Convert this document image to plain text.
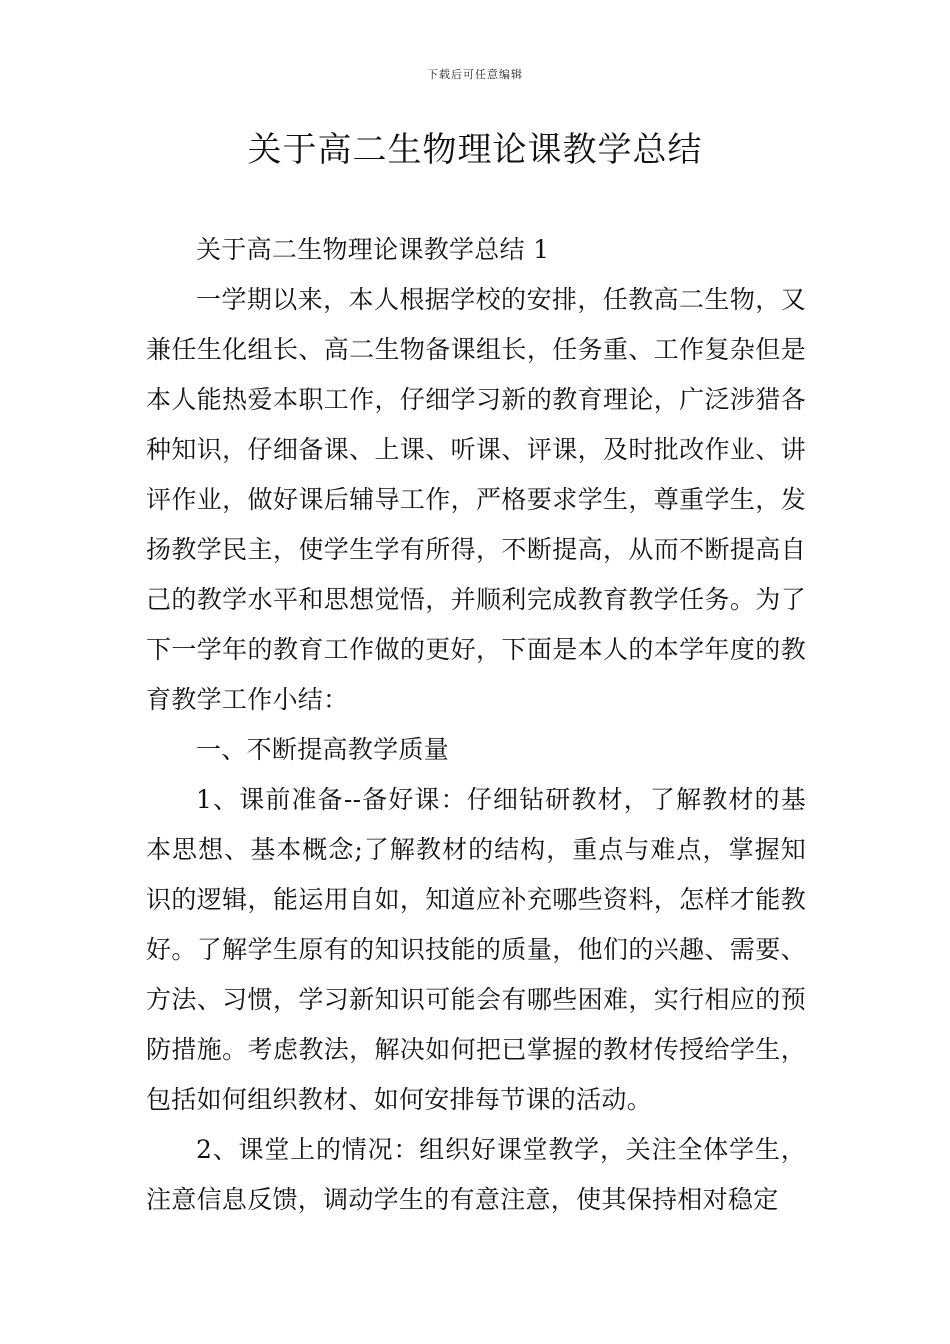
下载后可任意编辑
关于高二生物理论课教学总结

关于高二生物理论课教学总结 1

一学期以来，本人根据学校的安排，任教高二生物，又兼任生化组长、高二生物备课组长，任务重、工作复杂但是本人能热爱本职工作，仔细学习新的教育理论，广泛涉猎各种知识，仔细备课、上课、听课、评课，及时批改作业、讲评作业，做好课后辅导工作，严格要求学生，尊重学生，发扬教学民主，使学生学有所得，不断提高，从而不断提高自己的教学水平和思想觉悟，并顺利完成教育教学任务。为了下一学年的教育工作做的更好，下面是本人的本学年度的教育教学工作小结：

一、不断提高教学质量

1、课前准备--备好课：仔细钻研教材，了解教材的基本思想、基本概念;了解教材的结构，重点与难点，掌握知识的逻辑，能运用自如，知道应补充哪些资料，怎样才能教好。了解学生原有的知识技能的质量，他们的兴趣、需要、方法、习惯，学习新知识可能会有哪些困难，实行相应的预防措施。考虑教法，解决如何把已掌握的教材传授给学生，包括如何组织教材、如何安排每节课的活动。

2、课堂上的情况：组织好课堂教学，关注全体学生，注意信息反馈，调动学生的有意注意，使其保持相对稳定
